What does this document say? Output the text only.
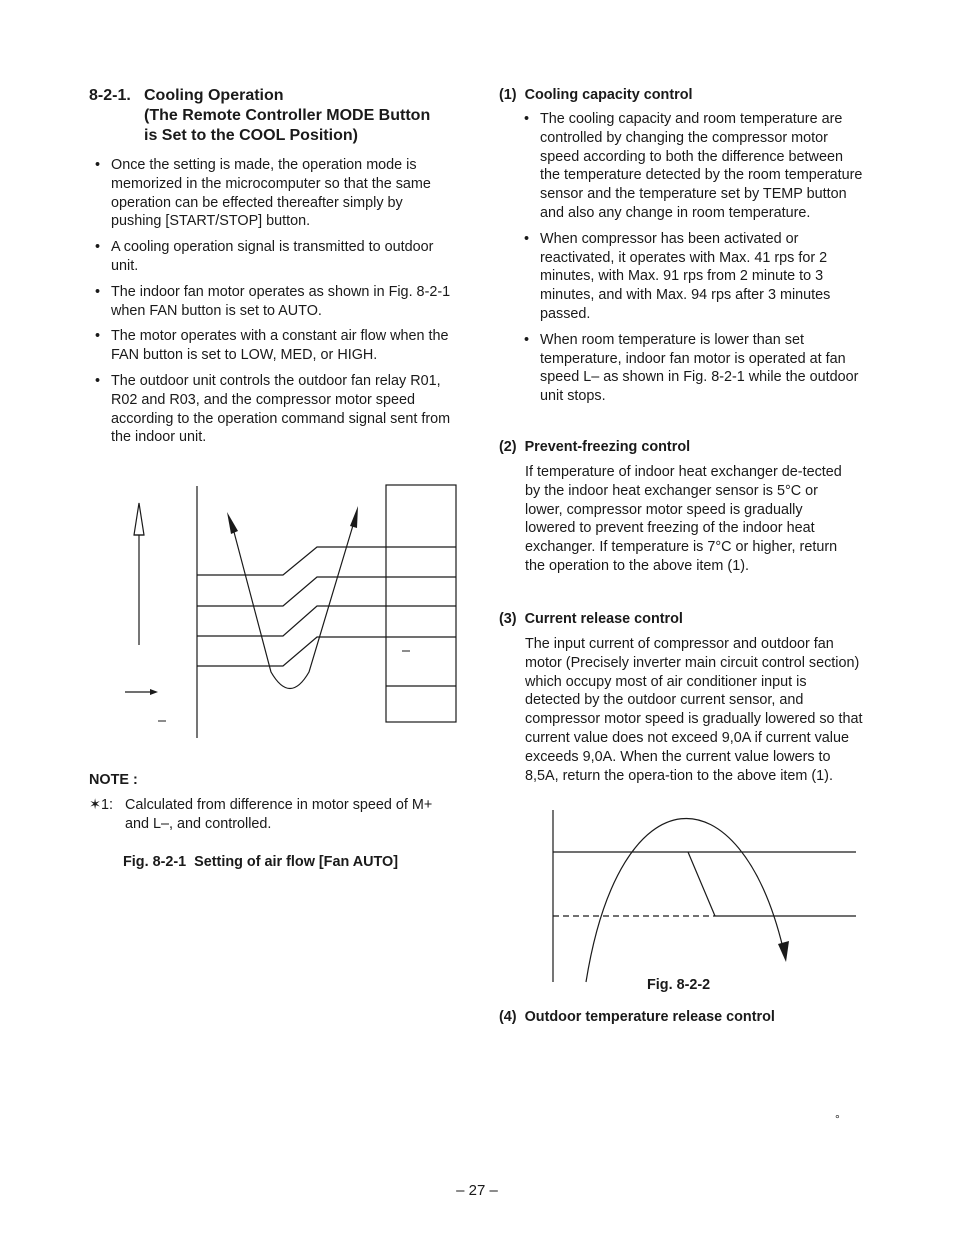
8-2-1. Cooling Operation
(The Remote Controller MODE Button
is Set to the COOL Position)
• Once the setting is made, the operation mode is memorized in the microcomputer so that the same operation can be effected thereafter simply by pushing [START/STOP] button.
• A cooling operation signal is transmitted to outdoor unit.
• The indoor fan motor operates as shown in Fig. 8-2-1 when FAN button is set to AUTO.
• The motor operates with a constant air flow when the FAN button is set to LOW, MED, or HIGH.
• The outdoor unit controls the outdoor fan relay R01, R02 and R03, and the compressor motor speed according to the operation command signal sent from the indoor unit.
–
–
NOTE :
✶1: Calculated from difference in motor speed of M+ and L–, and controlled.
Fig. 8-2-1  Setting of air flow [Fan AUTO]
(1)  Cooling capacity control
• The cooling capacity and room temperature are controlled by changing the compressor motor speed according to both the difference between the temperature detected by the room temperature sensor and the temperature set by TEMP button and also any change in room temperature.
• When compressor has been activated or reactivated, it operates with Max. 41 rps for 2 minutes, with Max. 91 rps from 2 minute to 3 minutes, and with Max. 94 rps after 3 minutes passed.
• When room temperature is lower than set temperature, indoor fan motor is operated at fan speed L– as shown in Fig. 8-2-1 while the outdoor unit stops.
(2)  Prevent-freezing control

If temperature of indoor heat exchanger de-tected by the indoor heat exchanger sensor is 5°C or lower, compressor motor speed is gradually lowered to prevent freezing of the indoor heat exchanger. If temperature is 7°C or higher, return the operation to the above item (1).

(3)  Current release control

The input current of compressor and outdoor fan motor (Precisely inverter main circuit control section) which occupy most of air conditioner input is detected by the outdoor current sensor, and compressor motor speed is gradually lowered so that current value does not exceed 9,0A if current value exceeds 9,0A. When the current value lowers to 8,5A, return the opera-tion to the above item (1).

Fig. 8-2-2
(4)  Outdoor temperature release control
°
– 27 –
